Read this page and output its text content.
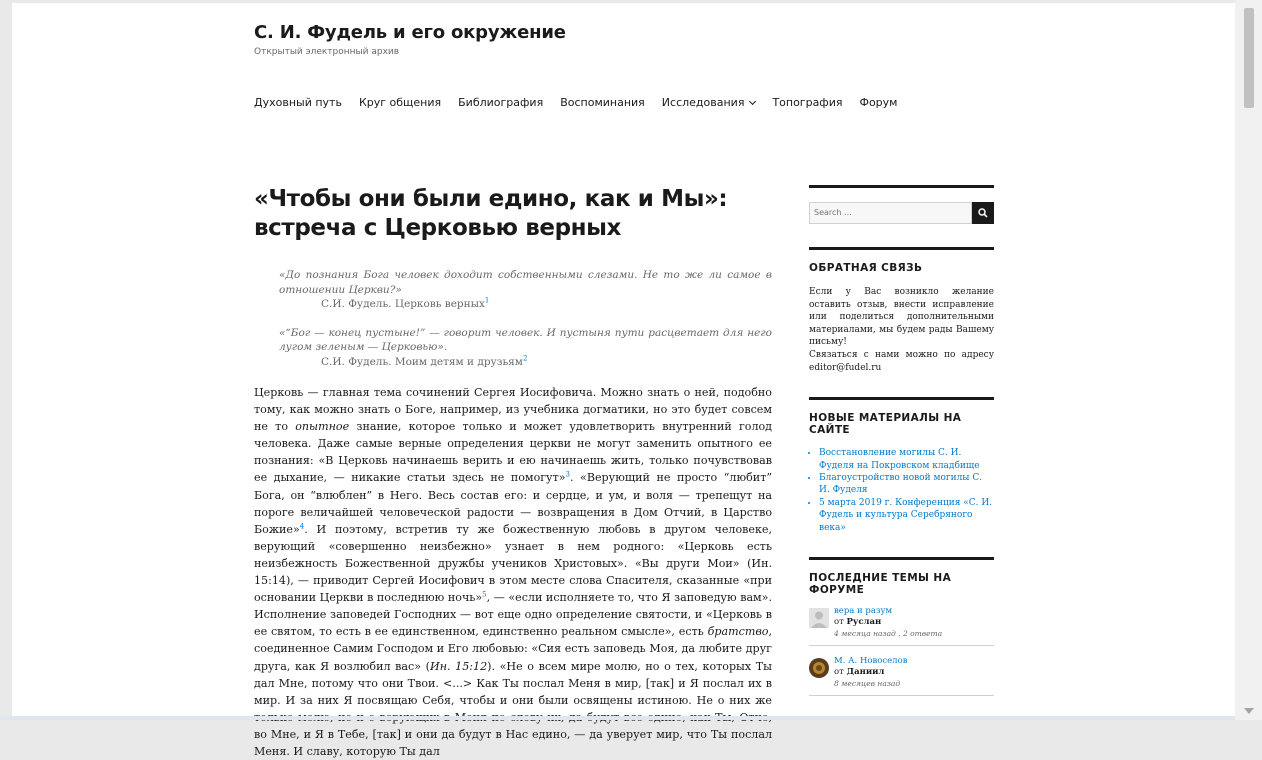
С. И. Фудель и его окружение
Открытый электронный архив
Духовный путь Круг общения Библиография Воспоминания Исследования	Топография Форум
«Чтобы они были едино, как и Мы»:
встреча с Церковью верных
«До познания Бога человек доходит собственными слезами. Не то же ли самое в отношении Церкви?»
С.И. Фудель. Церковь верных$^1$
«“Бог — конец пустыне!” — говорит человек. И пустыня пути расцветает для него лугом зеленым — Церковью».
С.И. Фудель. Моим детям и друзьям$^2$

Церковь — главная тема сочинений Сергея Иосифовича. Можно знать о ней, подобно тому, как можно знать о Боге, например, из учебника догматики, но это будет совсем не то опытное знание, которое только и может удовлетворить внутренний голод человека. Даже самые верные определения церкви не могут заменить опытного ее познания: «В Церковь начинаешь верить и ею начинаешь жить, только почувствовав ее дыхание, — никакие статьи здесь не помогут»$^3$. «Верующий не просто “любит” Бога, он “влюблен” в Него. Весь состав его: и сердце, и ум, и воля — трепещут на пороге величайшей человеческой радости — возвращения в Дом Отчий, в Царство Божие»$^4$. И поэтому, встретив ту же божественную любовь в другом человеке, верующий «совершенно неизбежно» узнает в нем родного: «Церковь есть неизбежность Божественной дружбы учеников Христовых». «Вы други Мои» (Ин. 15:14), — приводит Сергей Иосифович в этом месте слова Спасителя, сказанные «при основании Церкви в последнюю ночь»$^5$, — «если исполняете то, что Я заповедую вам». Исполнение заповедей Господних — вот еще одно определение святости, и «Церковь в ее святом, то есть в ее единственном, единственно реальном смысле», есть братство, соединенное Самим Господом и Его любовью: «Сия есть заповедь Моя, да любите друг друга, как Я возлюбил вас» (Ин. 15:12). «Не о всем мире молю, но о тех, которых Ты дал Мне, потому что они Твои. <...> Как Ты послал Меня в мир, [так] и Я послал их в мир. И за них Я посвящаю Себя, чтобы и они были освящены истиною. Не о них же во Мне, и Я в Тебе, [так] и они да будут в Нас едино, — да уверует мир, что Ты послал Меня. И славу, которую Ты дал

Search ...
ОБРАТНАЯ СВЯЗЬ
Если у Вас возникло желание оставить отзыв, внести исправление или поделиться дополнительными материалами, мы будем рады Вашему письму!
Связаться с нами можно по адресу editor@fudel.ru
НОВЫЕ МАТЕРИАЛЫ НА САЙТЕ
• Восстановление могилы С. И. Фуделя на Покровском кладбище
• Благоустройство новой могилы С. И. Фуделя
• 5 марта 2019 г. Конференция «С. И. Фудель и культура Серебряного века»
ПОСЛЕДНИЕ ТЕМЫ НА ФОРУМЕ
вера и разум
от Руслан
4 месяца назад , 2 ответа
М. А. Новоселов
от Даниил
8 месяцев назад
